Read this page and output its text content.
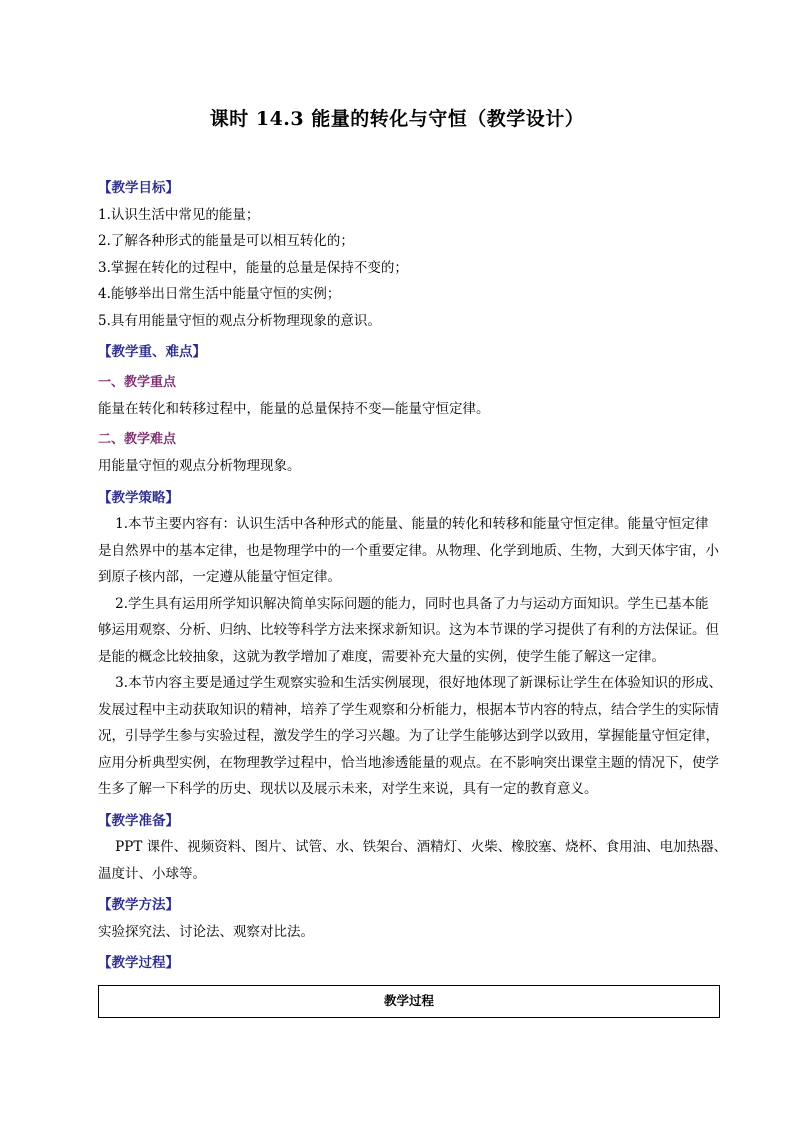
课时 14.3 能量的转化与守恒（教学设计）
【教学目标】
1.认识生活中常见的能量；
2.了解各种形式的能量是可以相互转化的；
3.掌握在转化的过程中，能量的总量是保持不变的；
4.能够举出日常生活中能量守恒的实例；
5.具有用能量守恒的观点分析物理现象的意识。
【教学重、难点】
一、教学重点
能量在转化和转移过程中，能量的总量保持不变—能量守恒定律。
二、教学难点
用能量守恒的观点分析物理现象。
【教学策略】
1.本节主要内容有：认识生活中各种形式的能量、能量的转化和转移和能量守恒定律。能量守恒定律
是自然界中的基本定律，也是物理学中的一个重要定律。从物理、化学到地质、生物，大到天体宇宙，小
到原子核内部，一定遵从能量守恒定律。
2.学生具有运用所学知识解决简单实际问题的能力，同时也具备了力与运动方面知识。学生已基本能
够运用观察、分析、归纳、比较等科学方法来探求新知识。这为本节课的学习提供了有利的方法保证。但
是能的概念比较抽象，这就为教学增加了难度，需要补充大量的实例，使学生能了解这一定律。
3.本节内容主要是通过学生观察实验和生活实例展现，很好地体现了新课标让学生在体验知识的形成、
发展过程中主动获取知识的精神，培养了学生观察和分析能力，根据本节内容的特点，结合学生的实际情
况，引导学生参与实验过程，激发学生的学习兴趣。为了让学生能够达到学以致用，掌握能量守恒定律，
应用分析典型实例，在物理教学过程中，恰当地渗透能量的观点。在不影响突出课堂主题的情况下，使学
生多了解一下科学的历史、现状以及展示未来，对学生来说，具有一定的教育意义。
【教学准备】
PPT 课件、视频资料、图片、试管、水、铁架台、酒精灯、火柴、橡胶塞、烧杯、食用油、电加热器、
温度计、小球等。
【教学方法】
实验探究法、讨论法、观察对比法。
【教学过程】
教学过程
